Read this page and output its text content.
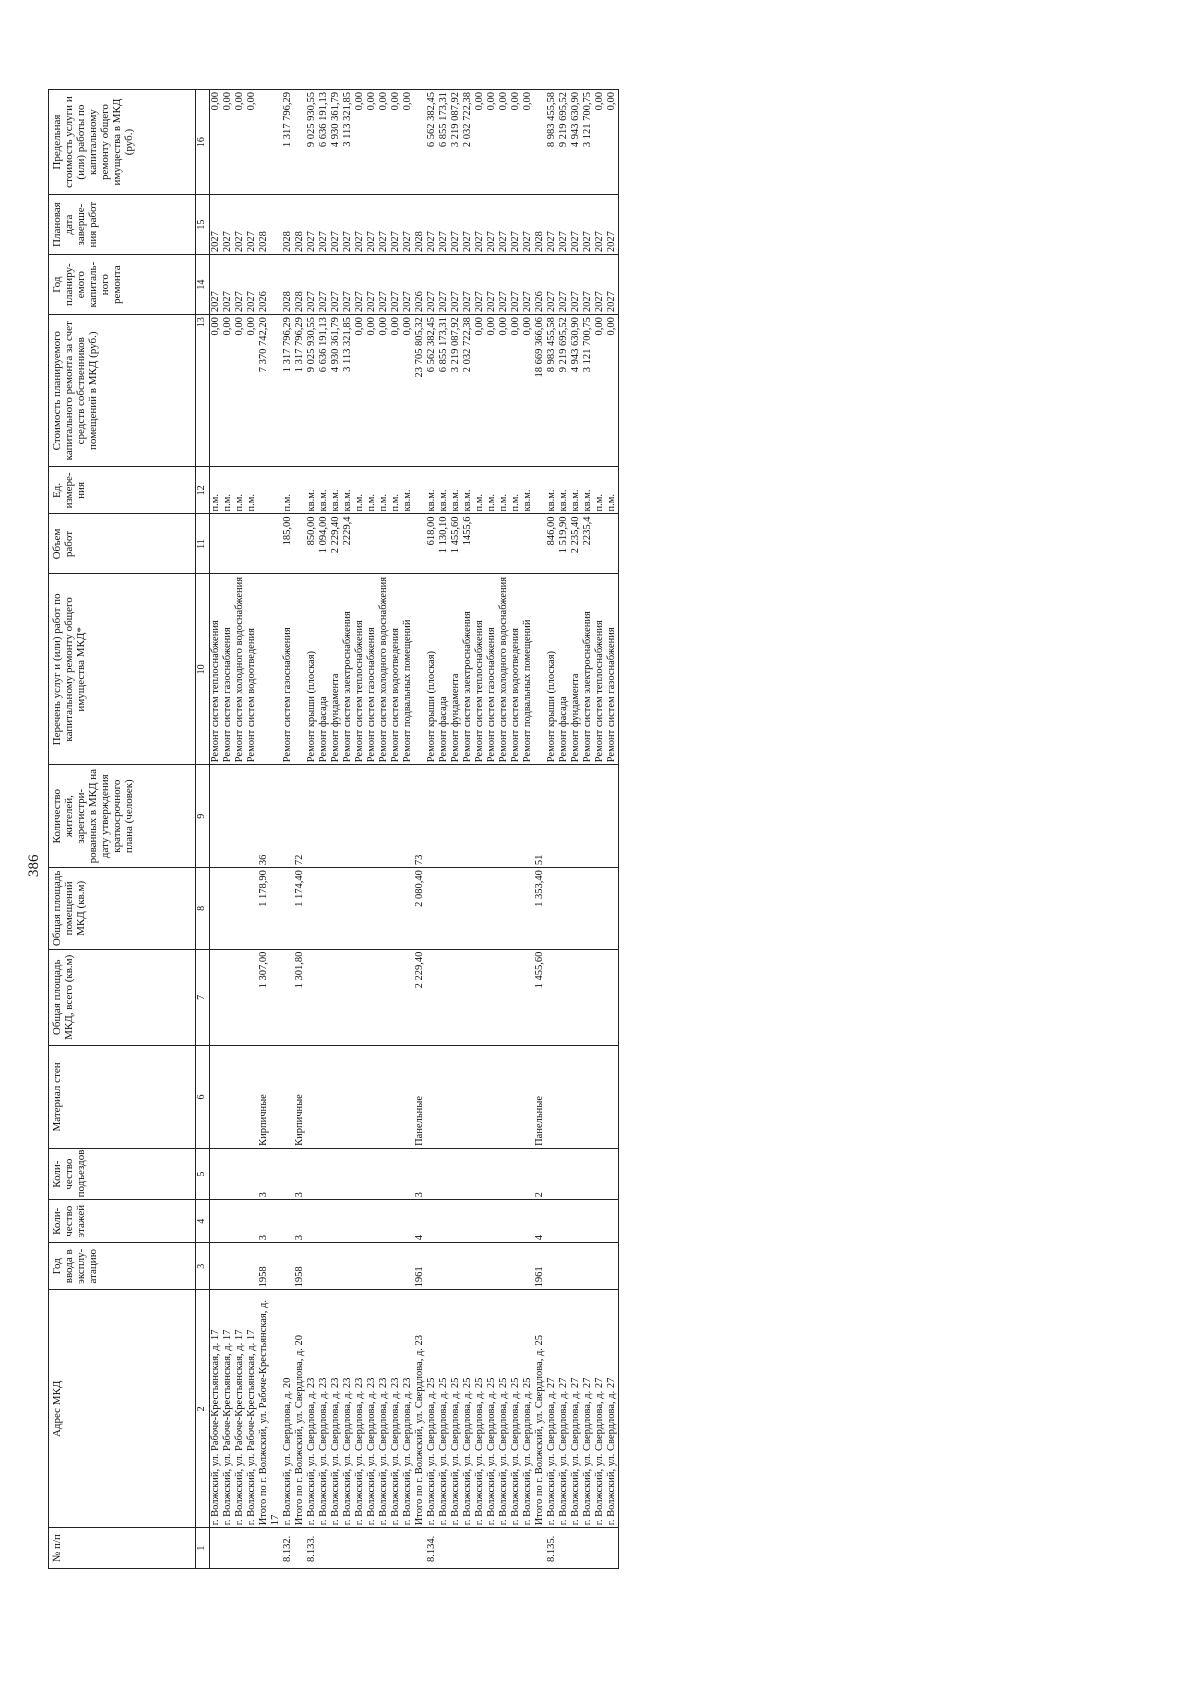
386
№ п/п	Адрес МКД	Год ввода в эксплу-атацию	Коли-чество этажей	Коли-чество подъездов	Материал стен	Общая площадь МКД, всего (кв.м)	Общая площадь помещений МКД (кв.м)	Количество жителей, зарегистри-рованных в МКД на дату утверждения краткосрочного плана (человек)	Перечень услуг и (или) работ по капитальному ремонту общего имущества МКД*	Объем работ	Ед. измере-ния	Стоимость планируемого капитального ремонта за счет средств собственников помещений в МКД (руб.)	Год планиру-емого капиталь-ного ремонта	Плановая дата заверше-ния работ	Предельная стоимость услуги и (или) работы по капитальному ремонту общего имущества в МКД (руб.)
1	2	3	4	5	6	7	8	9	10	11	12	13	14	15	16
	г. Волжский, ул. Рабоче-Крестьянская, д. 17								Ремонт систем теплоснабжения		п.м.	0,00	2027	2027	0,00
	г. Волжский, ул. Рабоче-Крестьянская, д. 17								Ремонт систем газоснабжения		п.м.	0,00	2027	2027	0,00
	г. Волжский, ул. Рабоче-Крестьянская, д. 17								Ремонт систем холодного водоснабжения		п.м.	0,00	2027	2027	0,00
	г. Волжский, ул. Рабоче-Крестьянская, д. 17								Ремонт систем водоотведения		п.м.	0,00	2027	2027	0,00
	Итого по г. Волжский, ул. Рабоче-Крестьянская, д. 17	1958	3	3	Кирпичные	1 307,00	1 178,90	36				7 370 742,20	2026	2028	
8.132.	г. Волжский, ул. Свердлова, д. 20								Ремонт систем газоснабжения	185,00	п.м.	1 317 796,29	2028	2028	1 317 796,29
	Итого по г. Волжский, ул. Свердлова, д. 20	1958	3	3	Кирпичные	1 301,80	1 174,40	72				1 317 796,29	2028	2028	
8.133.	г. Волжский, ул. Свердлова, д. 23								Ремонт крыши (плоская)	850,00	кв.м.	9 025 930,55	2027	2027	9 025 930,55
	г. Волжский, ул. Свердлова, д. 23								Ремонт фасада	1 094,00	кв.м.	6 636 191,13	2027	2027	6 636 191,13
	г. Волжский, ул. Свердлова, д. 23								Ремонт фундамента	2 229,40	кв.м.	4 930 361,79	2027	2027	4 930 361,79
	г. Волжский, ул. Свердлова, д. 23								Ремонт систем электроснабжения	2229,4	кв.м.	3 113 321,85	2027	2027	3 113 321,85
	г. Волжский, ул. Свердлова, д. 23								Ремонт систем теплоснабжения		п.м.	0,00	2027	2027	0,00
	г. Волжский, ул. Свердлова, д. 23								Ремонт систем газоснабжения		п.м.	0,00	2027	2027	0,00
	г. Волжский, ул. Свердлова, д. 23								Ремонт систем холодного водоснабжения		п.м.	0,00	2027	2027	0,00
	г. Волжский, ул. Свердлова, д. 23								Ремонт систем водоотведения		п.м.	0,00	2027	2027	0,00
	г. Волжский, ул. Свердлова, д. 23								Ремонт подвальных помещений		кв.м.	0,00	2027	2027	0,00
	Итого по г. Волжский, ул. Свердлова, д. 23	1961	4	3	Панельные	2 229,40	2 080,40	73				23 705 805,32	2026	2028	
8.134.	г. Волжский, ул. Свердлова, д. 25								Ремонт крыши (плоская)	618,00	кв.м.	6 562 382,45	2027	2027	6 562 382,45
	г. Волжский, ул. Свердлова, д. 25								Ремонт фасада	1 130,10	кв.м.	6 855 173,31	2027	2027	6 855 173,31
	г. Волжский, ул. Свердлова, д. 25								Ремонт фундамента	1 455,60	кв.м.	3 219 087,92	2027	2027	3 219 087,92
	г. Волжский, ул. Свердлова, д. 25								Ремонт систем электроснабжения	1455,6	кв.м.	2 032 722,38	2027	2027	2 032 722,38
	г. Волжский, ул. Свердлова, д. 25								Ремонт систем теплоснабжения		п.м.	0,00	2027	2027	0,00
	г. Волжский, ул. Свердлова, д. 25								Ремонт систем газоснабжения		п.м.	0,00	2027	2027	0,00
	г. Волжский, ул. Свердлова, д. 25								Ремонт систем холодного водоснабжения		п.м.	0,00	2027	2027	0,00
	г. Волжский, ул. Свердлова, д. 25								Ремонт систем водоотведения		п.м.	0,00	2027	2027	0,00
	г. Волжский, ул. Свердлова, д. 25								Ремонт подвальных помещений		кв.м.	0,00	2027	2027	0,00
	Итого по г. Волжский, ул. Свердлова, д. 25	1961	4	2	Панельные	1 455,60	1 353,40	51				18 669 366,06	2026	2028	
8.135.	г. Волжский, ул. Свердлова, д. 27								Ремонт крыши (плоская)	846,00	кв.м.	8 983 455,58	2027	2027	8 983 455,58
	г. Волжский, ул. Свердлова, д. 27								Ремонт фасада	1 519,90	кв.м.	9 219 695,52	2027	2027	9 219 695,52
	г. Волжский, ул. Свердлова, д. 27								Ремонт фундамента	2 235,40	кв.м.	4 943 630,90	2027	2027	4 943 630,90
	г. Волжский, ул. Свердлова, д. 27								Ремонт систем электроснабжения	2235,4	кв.м.	3 121 700,75	2027	2027	3 121 700,75
	г. Волжский, ул. Свердлова, д. 27								Ремонт систем теплоснабжения		п.м.	0,00	2027	2027	0,00
	г. Волжский, ул. Свердлова, д. 27								Ремонт систем газоснабжения		п.м.	0,00	2027	2027	0,00
